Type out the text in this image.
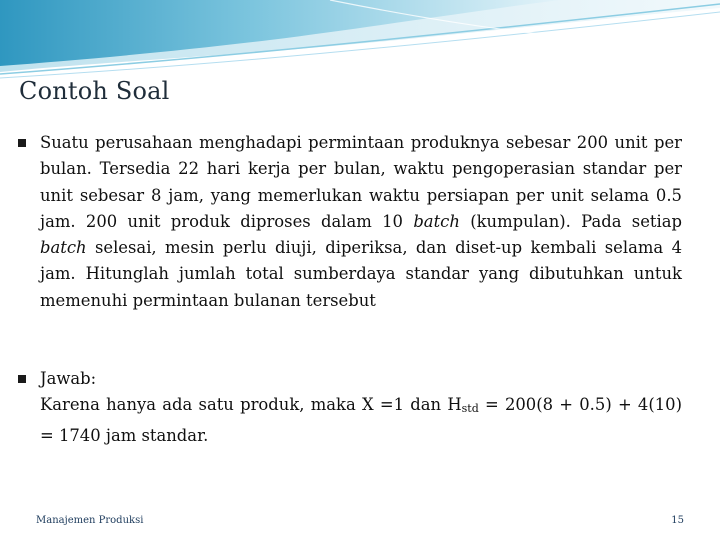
Contoh Soal
Suatu perusahaan menghadapi permintaan produknya sebesar 200 unit per bulan. Tersedia 22 hari kerja per bulan, waktu pengoperasian standar per unit sebesar 8 jam, yang memerlukan waktu persiapan per unit selama 0.5 jam. 200 unit produk diproses dalam 10 batch (kumpulan). Pada setiap batch selesai, mesin perlu diuji, diperiksa, dan diset-up kembali selama 4 jam. Hitunglah jumlah total sumberdaya standar yang dibutuhkan untuk memenuhi permintaan bulanan tersebut
Jawab:
Karena hanya ada satu produk, maka X =1 dan Hstd = 200(8 + 0.5) + 4(10) = 1740 jam standar.
Manajemen Produksi	15
